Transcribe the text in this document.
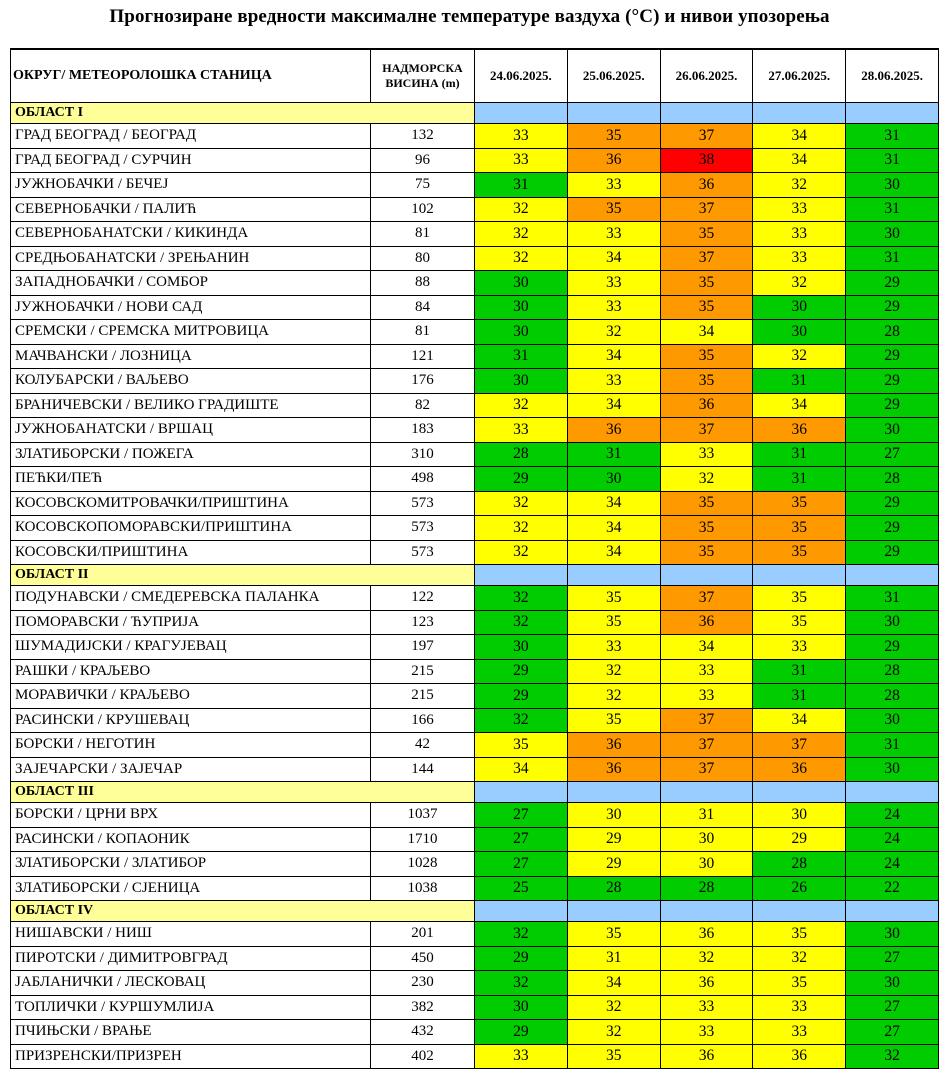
Прогнозиране вредности максималне температуре ваздуха (°C) и нивои упозорења
ОКРУГ/ МЕТЕОРОЛОШКА СТАНИЦА	НАДМОРСКА
ВИСИНА (m)	24.06.2025.	25.06.2025.	26.06.2025.	27.06.2025.	28.06.2025.
ОБЛАСТ I						
ГРАД БЕОГРАД / БЕОГРАД	132	33	35	37	34	31
ГРАД БЕОГРАД / СУРЧИН	96	33	36	38	34	31
ЈУЖНОБАЧКИ / БЕЧЕЈ	75	31	33	36	32	30
СЕВЕРНОБАЧКИ / ПАЛИЋ	102	32	35	37	33	31
СЕВЕРНОБАНАТСКИ / КИКИНДА	81	32	33	35	33	30
СРЕДЊОБАНАТСКИ / ЗРЕЊАНИН	80	32	34	37	33	31
ЗАПАДНОБАЧКИ / СОМБОР	88	30	33	35	32	29
ЈУЖНОБАЧКИ / НОВИ САД	84	30	33	35	30	29
СРЕМСКИ / СРЕМСКА МИТРОВИЦА	81	30	32	34	30	28
МАЧВАНСКИ / ЛОЗНИЦА	121	31	34	35	32	29
КОЛУБАРСКИ / ВАЉЕВО	176	30	33	35	31	29
БРАНИЧЕВСКИ / ВЕЛИКО ГРАДИШТЕ	82	32	34	36	34	29
ЈУЖНОБАНАТСКИ / ВРШАЦ	183	33	36	37	36	30
ЗЛАТИБОРСКИ / ПОЖЕГА	310	28	31	33	31	27
ПЕЋКИ/ПЕЋ	498	29	30	32	31	28
КОСОВСКОМИТРОВАЧКИ/ПРИШТИНА	573	32	34	35	35	29
КОСОВСКОПОМОРАВСКИ/ПРИШТИНА	573	32	34	35	35	29
КОСОВСКИ/ПРИШТИНА	573	32	34	35	35	29
ОБЛАСТ II						
ПОДУНАВСКИ / СМЕДЕРЕВСКА ПАЛАНКА	122	32	35	37	35	31
ПОМОРАВСКИ / ЋУПРИЈА	123	32	35	36	35	30
ШУМАДИЈСКИ / КРАГУЈЕВАЦ	197	30	33	34	33	29
РАШКИ / КРАЉЕВО	215	29	32	33	31	28
МОРАВИЧКИ / КРАЉЕВО	215	29	32	33	31	28
РАСИНСКИ / КРУШЕВАЦ	166	32	35	37	34	30
БОРСКИ / НЕГОТИН	42	35	36	37	37	31
ЗАЈЕЧАРСКИ / ЗАЈЕЧАР	144	34	36	37	36	30
ОБЛАСТ III						
БОРСКИ / ЦРНИ ВРХ	1037	27	30	31	30	24
РАСИНСКИ / КОПАОНИК	1710	27	29	30	29	24
ЗЛАТИБОРСКИ / ЗЛАТИБОР	1028	27	29	30	28	24
ЗЛАТИБОРСКИ / СЈЕНИЦА	1038	25	28	28	26	22
ОБЛАСТ IV						
НИШАВСКИ / НИШ	201	32	35	36	35	30
ПИРОТСКИ / ДИМИТРОВГРАД	450	29	31	32	32	27
ЈАБЛАНИЧКИ / ЛЕСКОВАЦ	230	32	34	36	35	30
ТОПЛИЧКИ / КУРШУМЛИЈА	382	30	32	33	33	27
ПЧИЊСКИ / ВРАЊЕ	432	29	32	33	33	27
ПРИЗРЕНСКИ/ПРИЗРЕН	402	33	35	36	36	32
